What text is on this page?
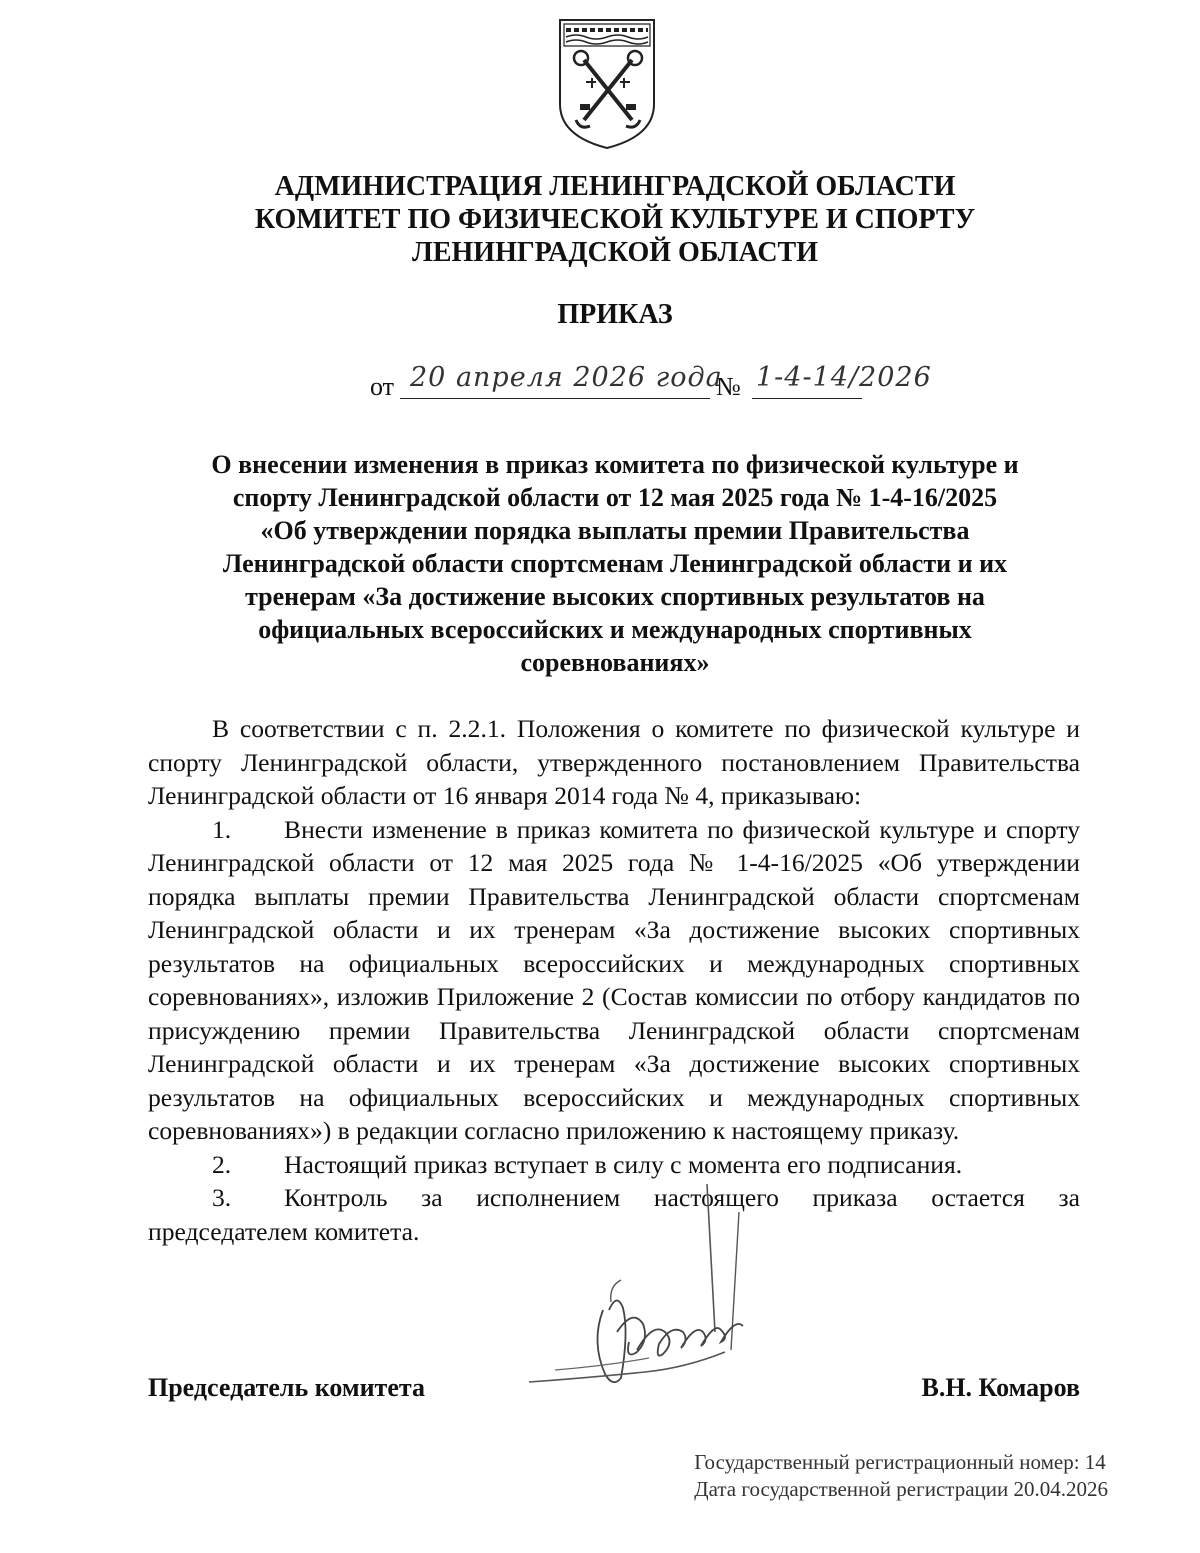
АДМИНИСТРАЦИЯ ЛЕНИНГРАДСКОЙ ОБЛАСТИ
КОМИТЕТ ПО ФИЗИЧЕСКОЙ КУЛЬТУРЕ И СПОРТУ
ЛЕНИНГРАДСКОЙ ОБЛАСТИ
ПРИКАЗ
от 20 апреля 2026 года
№ 1-4-14/2026
О внесении изменения в приказ комитета по физической культуре и
спорту Ленинградской области от 12 мая 2025 года № 1-4-16/2025
«Об утверждении порядка выплаты премии Правительства
Ленинградской области спортсменам Ленинградской области и их
тренерам «За достижение высоких спортивных результатов на
официальных всероссийских и международных спортивных
соревнованиях»

В соответствии с п. 2.2.1. Положения о комитете по физической культуре и спорту Ленинградской области, утвержденного постановлением Правительства Ленинградской области от 16 января 2014 года № 4, приказываю:

1. Внести изменение в приказ комитета по физической культуре и спорту Ленинградской области от 12 мая 2025 года № 1-4-16/2025 «Об утверждении порядка выплаты премии Правительства Ленинградской области спортсменам Ленинградской области и их тренерам «За достижение высоких спортивных результатов на официальных всероссийских и международных спортивных соревнованиях», изложив Приложение 2 (Состав комиссии по отбору кандидатов по присуждению премии Правительства Ленинградской области спортсменам Ленинградской области и их тренерам «За достижение высоких спортивных результатов на официальных всероссийских и международных спортивных соревнованиях») в редакции согласно приложению к настоящему приказу.

2. Настоящий приказ вступает в силу с момента его подписания.

3. Контроль за исполнением настоящего приказа остается за председателем комитета.

Председатель комитета	В.Н. Комаров
Государственный регистрационный номер: 14
Дата государственной регистрации 20.04.2026
